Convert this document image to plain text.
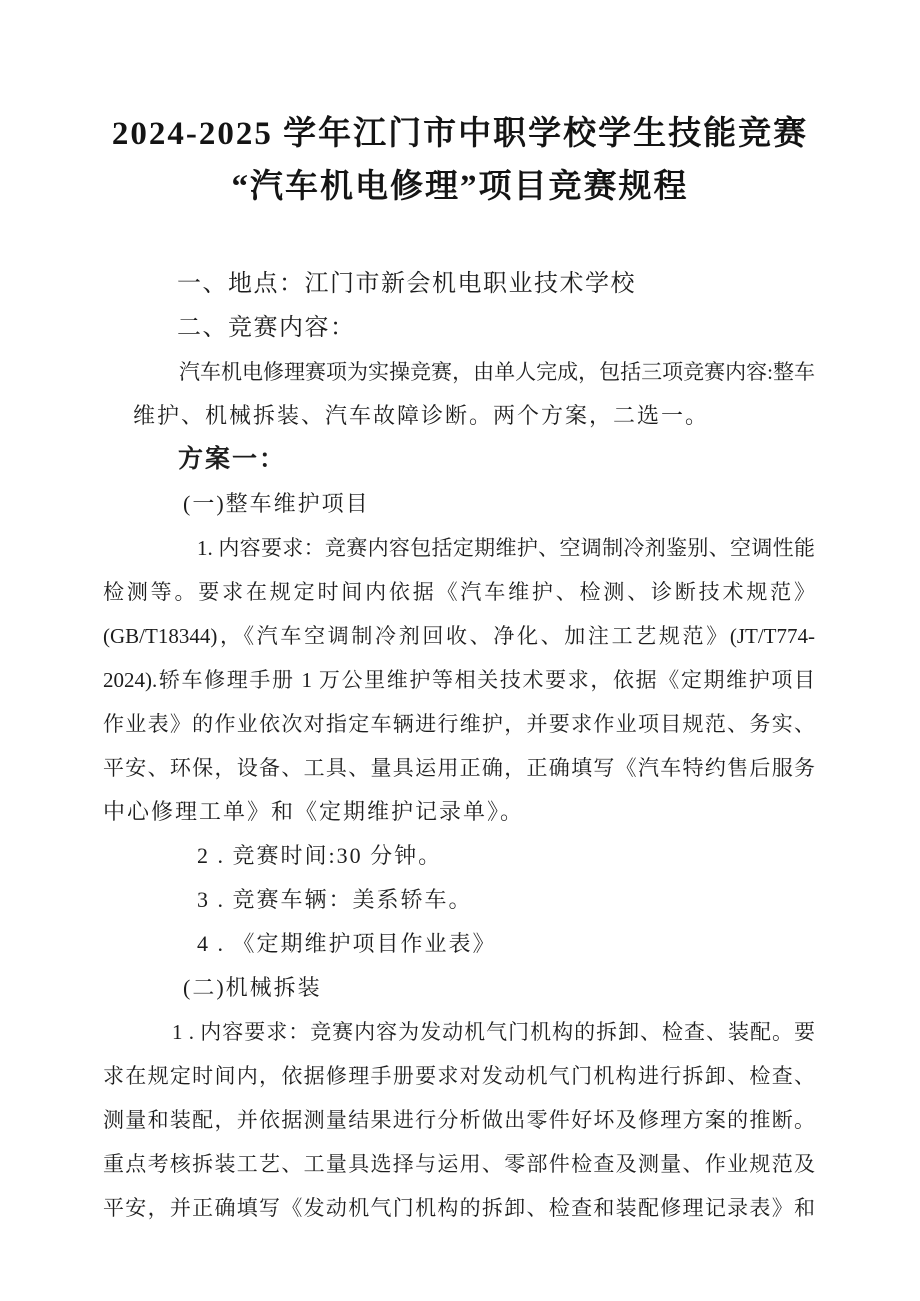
2024-2025 学年江门市中职学校学生技能竞赛
“汽车机电修理”项目竞赛规程
一、地点：江门市新会机电职业技术学校
二、竞赛内容：
汽车机电修理赛项为实操竞赛，由单人完成，包括三项竞赛内容:整车
维护、机械拆装、汽车故障诊断。两个方案，二选一。
方案一：
(一)整车维护项目
1. 内容要求：竞赛内容包括定期维护、空调制冷剂鉴别、空调性能
检测等。要求在规定时间内依据《汽车维护、检测、诊断技术规范》
(GB/T18344)，《汽车空调制冷剂回收、净化、加注工艺规范》(JT/T774-
2024).轿车修理手册 1 万公里维护等相关技术要求，依据《定期维护项目
作业表》的作业依次对指定车辆进行维护，并要求作业项目规范、务实、
平安、环保，设备、工具、量具运用正确，正确填写《汽车特约售后服务
中心修理工单》和《定期维护记录单》。
2 . 竞赛时间:30 分钟。
3 . 竞赛车辆：美系轿车。
4 . 《定期维护项目作业表》
(二)机械拆装
1 . 内容要求：竞赛内容为发动机气门机构的拆卸、检查、装配。要
求在规定时间内，依据修理手册要求对发动机气门机构进行拆卸、检查、
测量和装配，并依据测量结果进行分析做出零件好坏及修理方案的推断。
重点考核拆装工艺、工量具选择与运用、零部件检查及测量、作业规范及
平安，并正确填写《发动机气门机构的拆卸、检查和装配修理记录表》和
